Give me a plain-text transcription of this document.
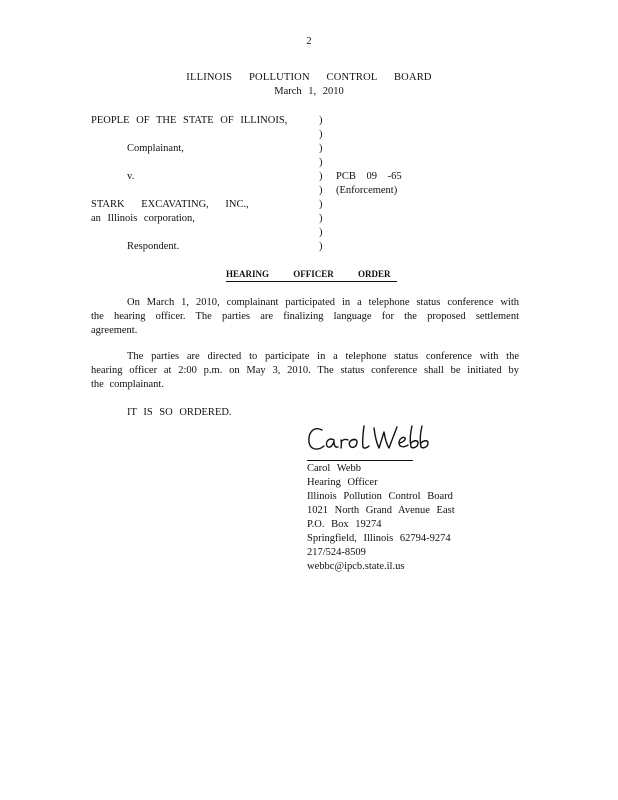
2
ILLINOIS POLLUTION CONTROL BOARD
March 1, 2010
PEOPLE OF THE STATE OF ILLINOIS,
Complainant,
v.
STARK EXCAVATING, INC.,
an Illinois corporation,
Respondent.
)
)
)
)
)
)
)
)
)
)
PCB 09 -65
(Enforcement)
HEARING OFFICER ORDER
On March 1, 2010, complainant participated in a telephone status conference with the hearing officer. The parties are finalizing language for the proposed settlement agreement.
The parties are directed to participate in a telephone status conference with the hearing officer at 2:00 p.m. on May 3, 2010. The status conference shall be initiated by the complainant.
IT IS SO ORDERED.
Carol Webb
Hearing Officer
Illinois Pollution Control Board
1021 North Grand Avenue East
P.O. Box 19274
Springfield, Illinois 62794-9274
217/524-8509
webbc@ipcb.state.il.us
